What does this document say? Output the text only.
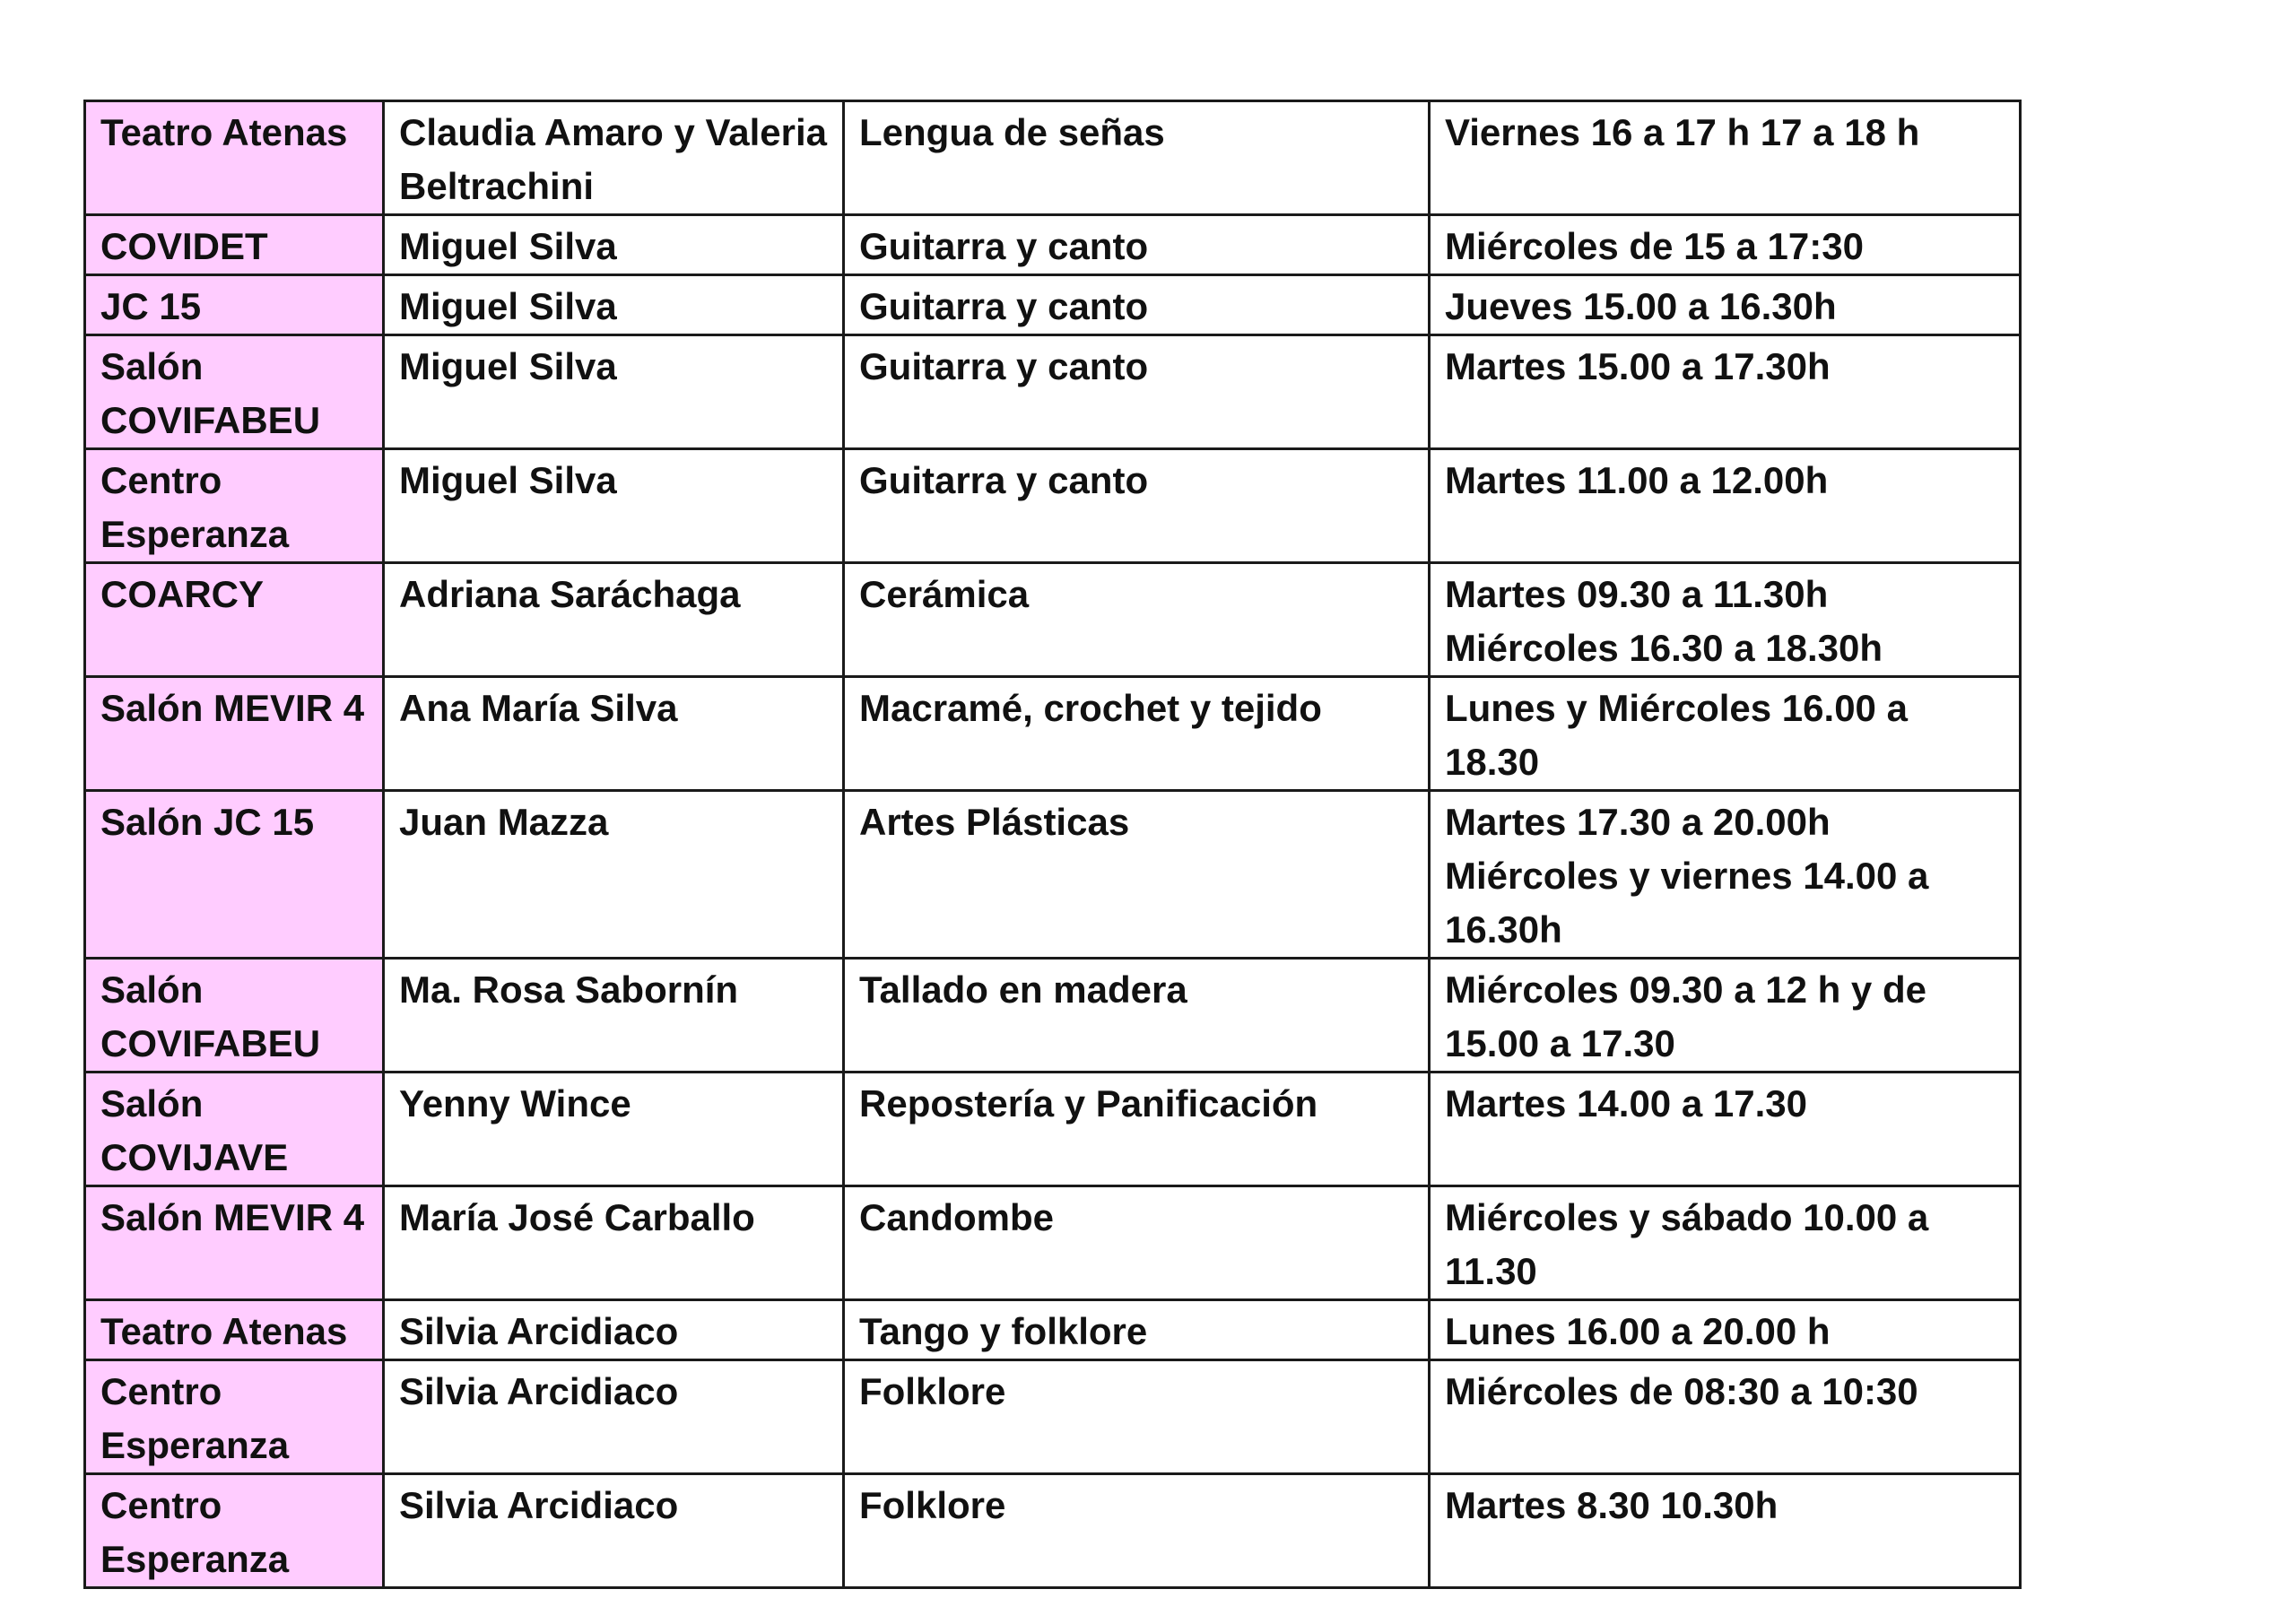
Teatro Atenas	Claudia Amaro y Valeria Beltrachini	Lengua de señas	Viernes 16 a 17 h 17 a 18 h
COVIDET	Miguel Silva	Guitarra y canto	Miércoles de 15 a 17:30
JC 15	Miguel Silva	Guitarra y canto	Jueves 15.00 a 16.30h
Salón COVIFABEU	Miguel Silva	Guitarra y canto	Martes 15.00 a 17.30h
Centro Esperanza	Miguel Silva	Guitarra y canto	Martes 11.00 a 12.00h
COARCY	Adriana Saráchaga	Cerámica	Martes 09.30 a 11.30h Miércoles 16.30 a 18.30h
Salón MEVIR 4	Ana María Silva	Macramé, crochet y tejido	Lunes y Miércoles 16.00 a 18.30
Salón JC 15	Juan Mazza	Artes Plásticas	Martes 17.30 a 20.00h Miércoles y viernes 14.00 a 16.30h
Salón COVIFABEU	Ma. Rosa Sabornín	Tallado en madera	Miércoles 09.30 a 12 h y de 15.00 a 17.30
Salón COVIJAVE	Yenny Wince	Repostería y Panificación	Martes 14.00 a 17.30
Salón MEVIR 4	María José Carballo	Candombe	Miércoles y sábado 10.00 a 11.30
Teatro Atenas	Silvia Arcidiaco	Tango y folklore	Lunes 16.00 a 20.00 h
Centro Esperanza	Silvia Arcidiaco	Folklore	Miércoles de 08:30 a 10:30
Centro Esperanza	Silvia Arcidiaco	Folklore	Martes 8.30 10.30h
